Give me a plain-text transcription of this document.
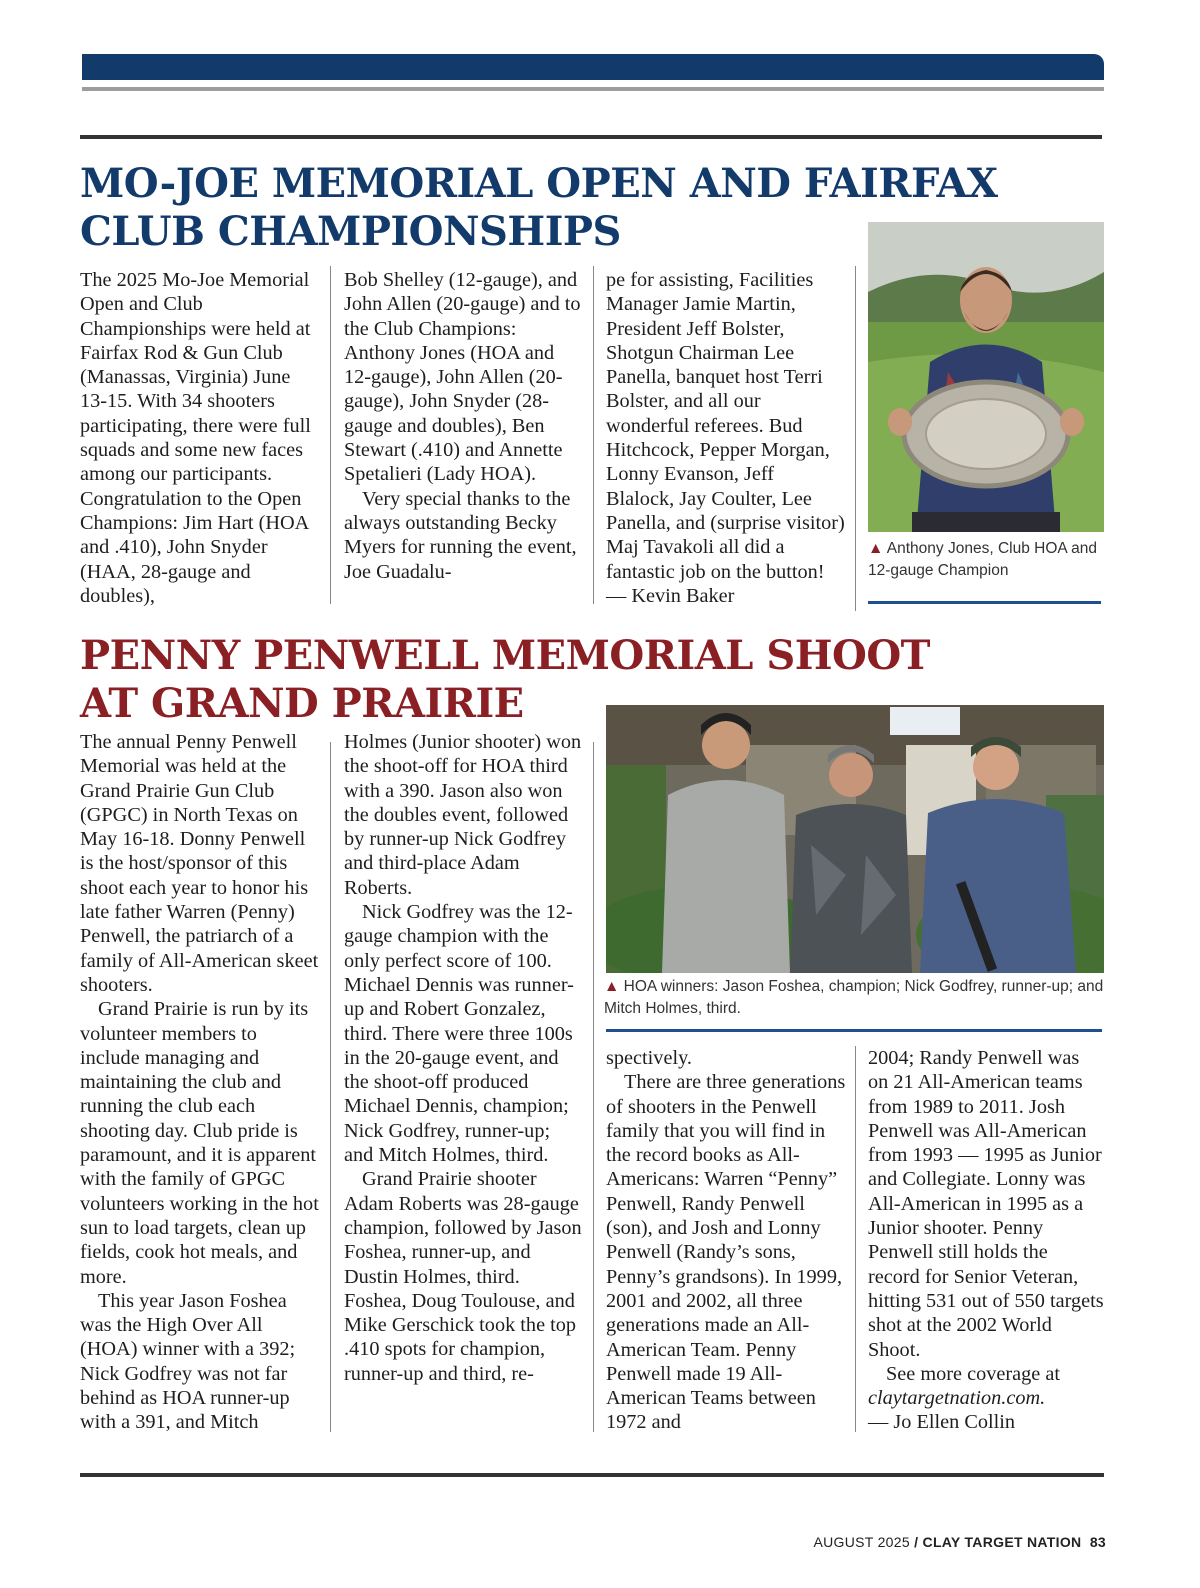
MO-JOE MEMORIAL OPEN AND FAIRFAX
CLUB CHAMPIONSHIPS

The 2025 Mo-Joe Memorial Open and Club Championships were held at Fairfax Rod & Gun Club (Manassas, Virginia) June 13-15. With 34 shooters participating, there were full squads and some new faces among our participants. Congratulation to the Open Champions: Jim Hart (HOA and .410), John Snyder (HAA, 28-gauge and doubles),

Bob Shelley (12-gauge), and John Allen (20-gauge) and to the Club Champions: Anthony Jones (HOA and 12-gauge), John Allen (20-gauge), John Snyder (28-gauge and doubles), Ben Stewart (.410) and Annette Spetalieri (Lady HOA).

Very special thanks to the always outstanding Becky Myers for running the event, Joe Guadalu-

pe for assisting, Facilities Manager Jamie Martin, President Jeff Bolster, Shotgun Chairman Lee Panella, banquet host Terri Bolster, and all our wonderful referees. Bud Hitchcock, Pepper Morgan, Lonny Evanson, Jeff Blalock, Jay Coulter, Lee Panella, and (surprise visitor) Maj Tavakoli all did a fantastic job on the button!

— Kevin Baker

▲ Anthony Jones, Club HOA and 12-gauge Champion
PENNY PENWELL MEMORIAL SHOOT
AT GRAND PRAIRIE

The annual Penny Penwell Memorial was held at the Grand Prairie Gun Club (GPGC) in North Texas on May 16-18. Donny Penwell is the host/sponsor of this shoot each year to honor his late father Warren (Penny) Penwell, the patriarch of a family of All-American skeet shooters.

Grand Prairie is run by its volunteer members to include managing and maintaining the club and running the club each shooting day. Club pride is paramount, and it is apparent with the family of GPGC volunteers working in the hot sun to load targets, clean up fields, cook hot meals, and more.

This year Jason Foshea was the High Over All (HOA) winner with a 392; Nick Godfrey was not far behind as HOA runner-up with a 391, and Mitch

Holmes (Junior shooter) won the shoot-off for HOA third with a 390. Jason also won the doubles event, followed by runner-up Nick Godfrey and third-place Adam Roberts.

Nick Godfrey was the 12-gauge champion with the only perfect score of 100. Michael Dennis was runner-up and Robert Gonzalez, third. There were three 100s in the 20-gauge event, and the shoot-off produced Michael Dennis, champion; Nick Godfrey, runner-up; and Mitch Holmes, third.

Grand Prairie shooter Adam Roberts was 28-gauge champion, followed by Jason Foshea, runner-up, and Dustin Holmes, third. Foshea, Doug Toulouse, and Mike Gerschick took the top .410 spots for champion, runner-up and third, re-

▲ HOA winners: Jason Foshea, champion; Nick Godfrey, runner-up; and Mitch Holmes, third.

spectively.

There are three generations of shooters in the Penwell family that you will find in the record books as All-Americans: Warren “Penny” Penwell, Randy Penwell (son), and Josh and Lonny Penwell (Randy’s sons, Penny’s grandsons). In 1999, 2001 and 2002, all three generations made an All-American Team. Penny Penwell made 19 All-American Teams between 1972 and

2004; Randy Penwell was on 21 All-American teams from 1989 to 2011. Josh Penwell was All-American from 1993 — 1995 as Junior and Collegiate. Lonny was All-American in 1995 as a Junior shooter. Penny Penwell still holds the record for Senior Veteran, hitting 531 out of 550 targets shot at the 2002 World Shoot.

See more coverage at claytargetnation.com.

— Jo Ellen Collin

AUGUST 2025 / CLAY TARGET NATION 83
